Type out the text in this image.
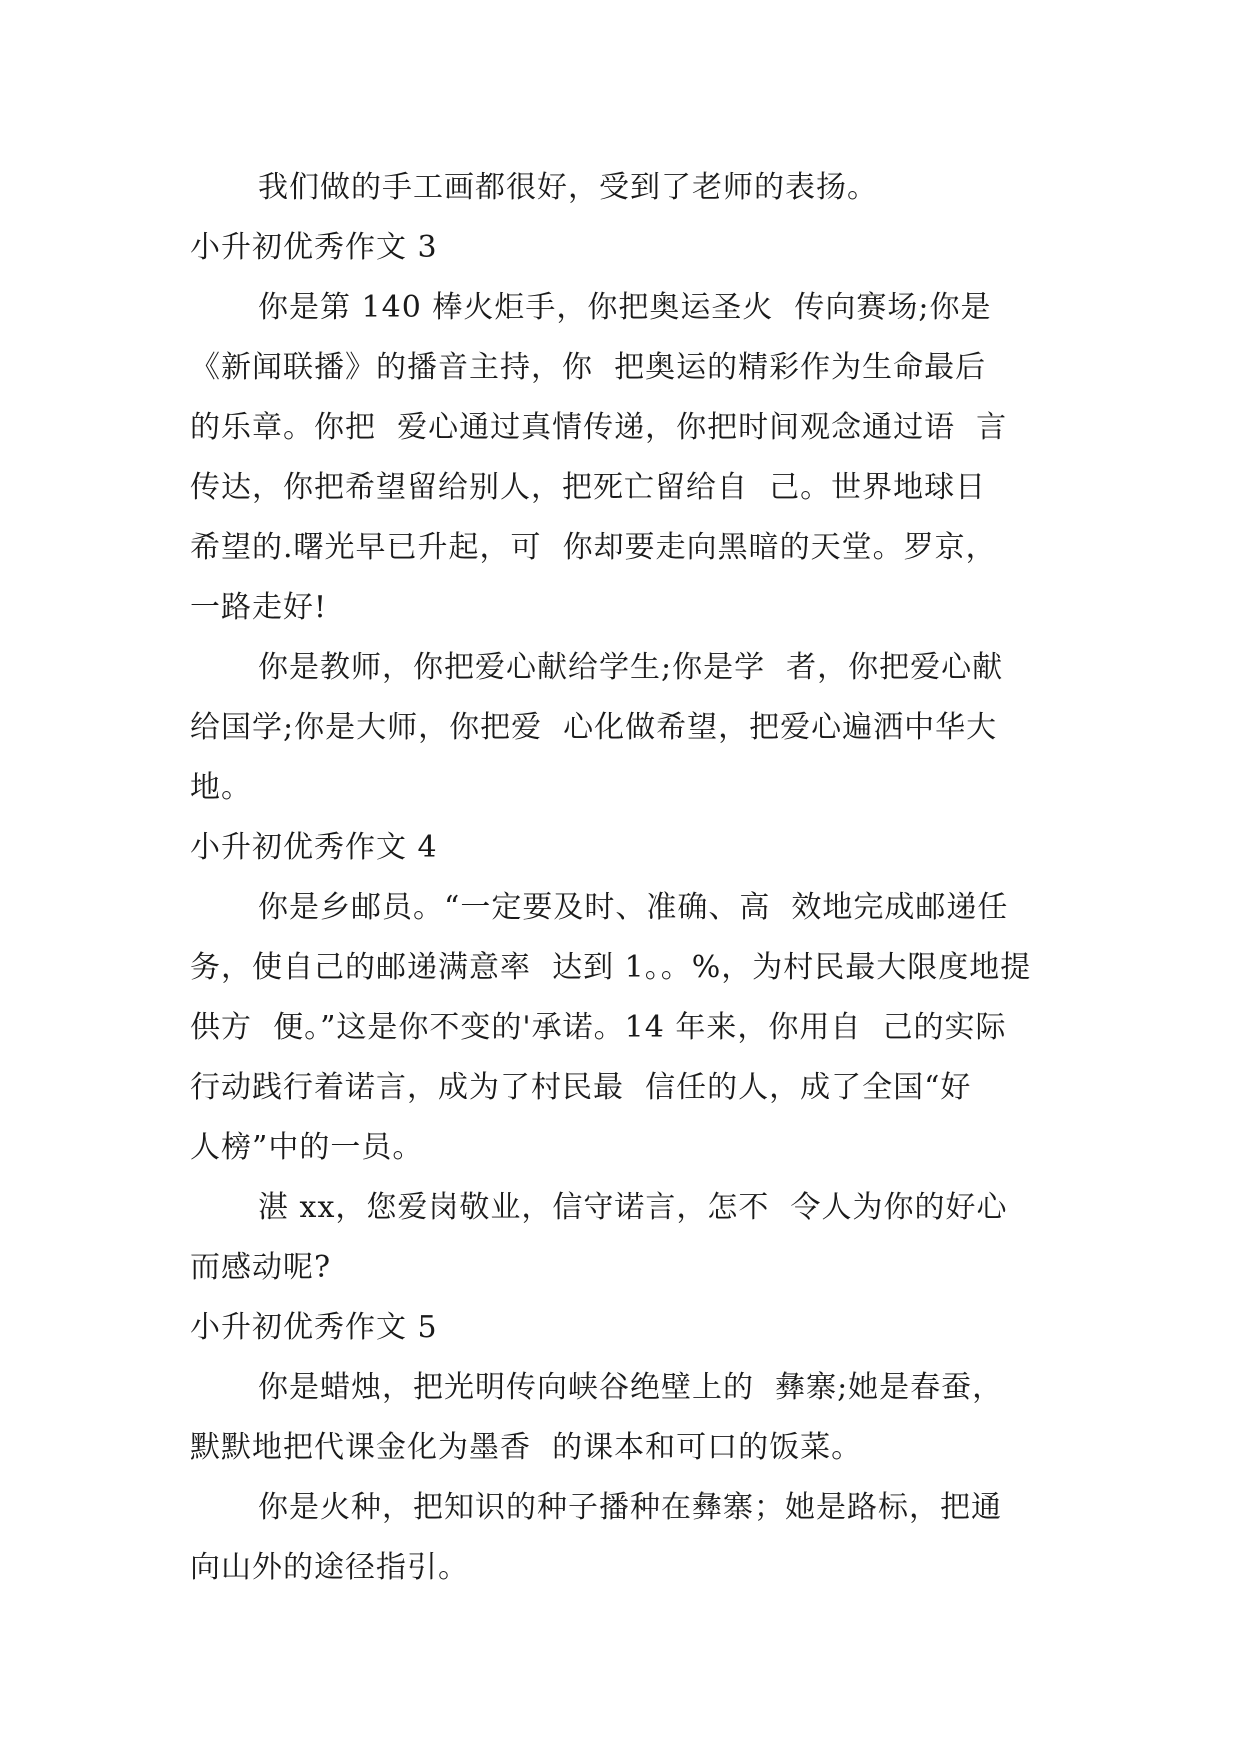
我们做的手工画都很好，受到了老师的表扬。
小升初优秀作文 3
你是第 140 棒火炬手，你把奥运圣火  传向赛场;你是
《新闻联播》的播音主持，你  把奥运的精彩作为生命最后
的乐章。你把  爱心通过真情传递，你把时间观念通过语  言
传达，你把希望留给别人，把死亡留给自  己。世界地球日
希望的.曙光早已升起，可  你却要走向黑暗的天堂。罗京，
一路走好!
你是教师，你把爱心献给学生;你是学  者，你把爱心献
给国学;你是大师，你把爱  心化做希望，把爱心遍洒中华大
地。
小升初优秀作文 4
你是乡邮员。“一定要及时、准确、高  效地完成邮递任
务，使自己的邮递满意率  达到 1。。%，为村民最大限度地提
供方  便。”这是你不变的'承诺。14 年来，你用自  己的实际
行动践行着诺言，成为了村民最  信任的人，成了全国“好
人榜”中的一员。
湛 xx，您爱岗敬业，信守诺言，怎不  令人为你的好心
而感动呢?
小升初优秀作文 5
你是蜡烛，把光明传向峡谷绝壁上的  彝寨;她是春蚕，
默默地把代课金化为墨香  的课本和可口的饭菜。
你是火种，把知识的种子播种在彝寨；她是路标，把通
向山外的途径指引。
